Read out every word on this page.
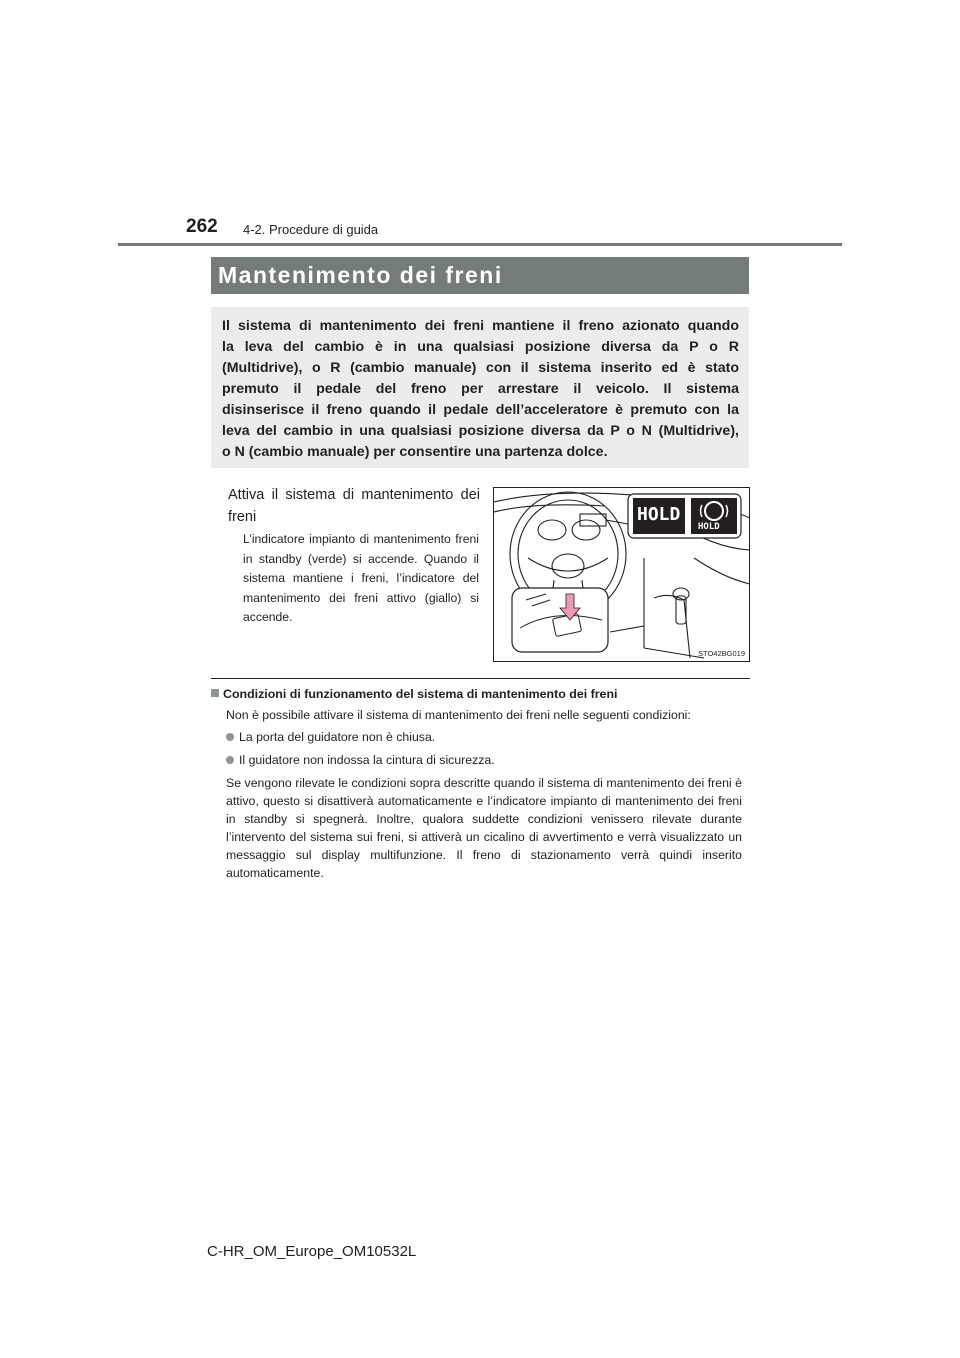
262 4-2. Procedure di guida
Mantenimento dei freni

Il sistema di mantenimento dei freni mantiene il freno azionato quando
la leva del cambio è in una qualsiasi posizione diversa da P o R
(Multidrive), o R (cambio manuale) con il sistema inserito ed è stato
premuto il pedale del freno per arrestare il veicolo. Il sistema
disinserisce il freno quando il pedale dell’acceleratore è premuto con la
leva del cambio in una qualsiasi posizione diversa da P o N (Multidrive),
o N (cambio manuale) per consentire una partenza dolce.

Attiva il sistema di mantenimento dei freni

L’indicatore impianto di mantenimento freni in standby (verde) si accende. Quando il sistema mantiene i freni, l’indicatore del mantenimento dei freni attivo (giallo) si accende.

HOLD
HOLD
STO42BG019
Condizioni di funzionamento del sistema di mantenimento dei freni

Non è possibile attivare il sistema di mantenimento dei freni nelle seguenti condizioni:

La porta del guidatore non è chiusa.

Il guidatore non indossa la cintura di sicurezza.

Se vengono rilevate le condizioni sopra descritte quando il sistema di mantenimento dei freni è attivo, questo si disattiverà automaticamente e l’indicatore impianto di mantenimento dei freni in standby si spegnerà. Inoltre, qualora suddette condizioni venissero rilevate durante l’intervento del sistema sui freni, si attiverà un cicalino di avvertimento e verrà visualizzato un messaggio sul display multifunzione. Il freno di stazionamento verrà quindi inserito automaticamente.

C-HR_OM_Europe_OM10532L
